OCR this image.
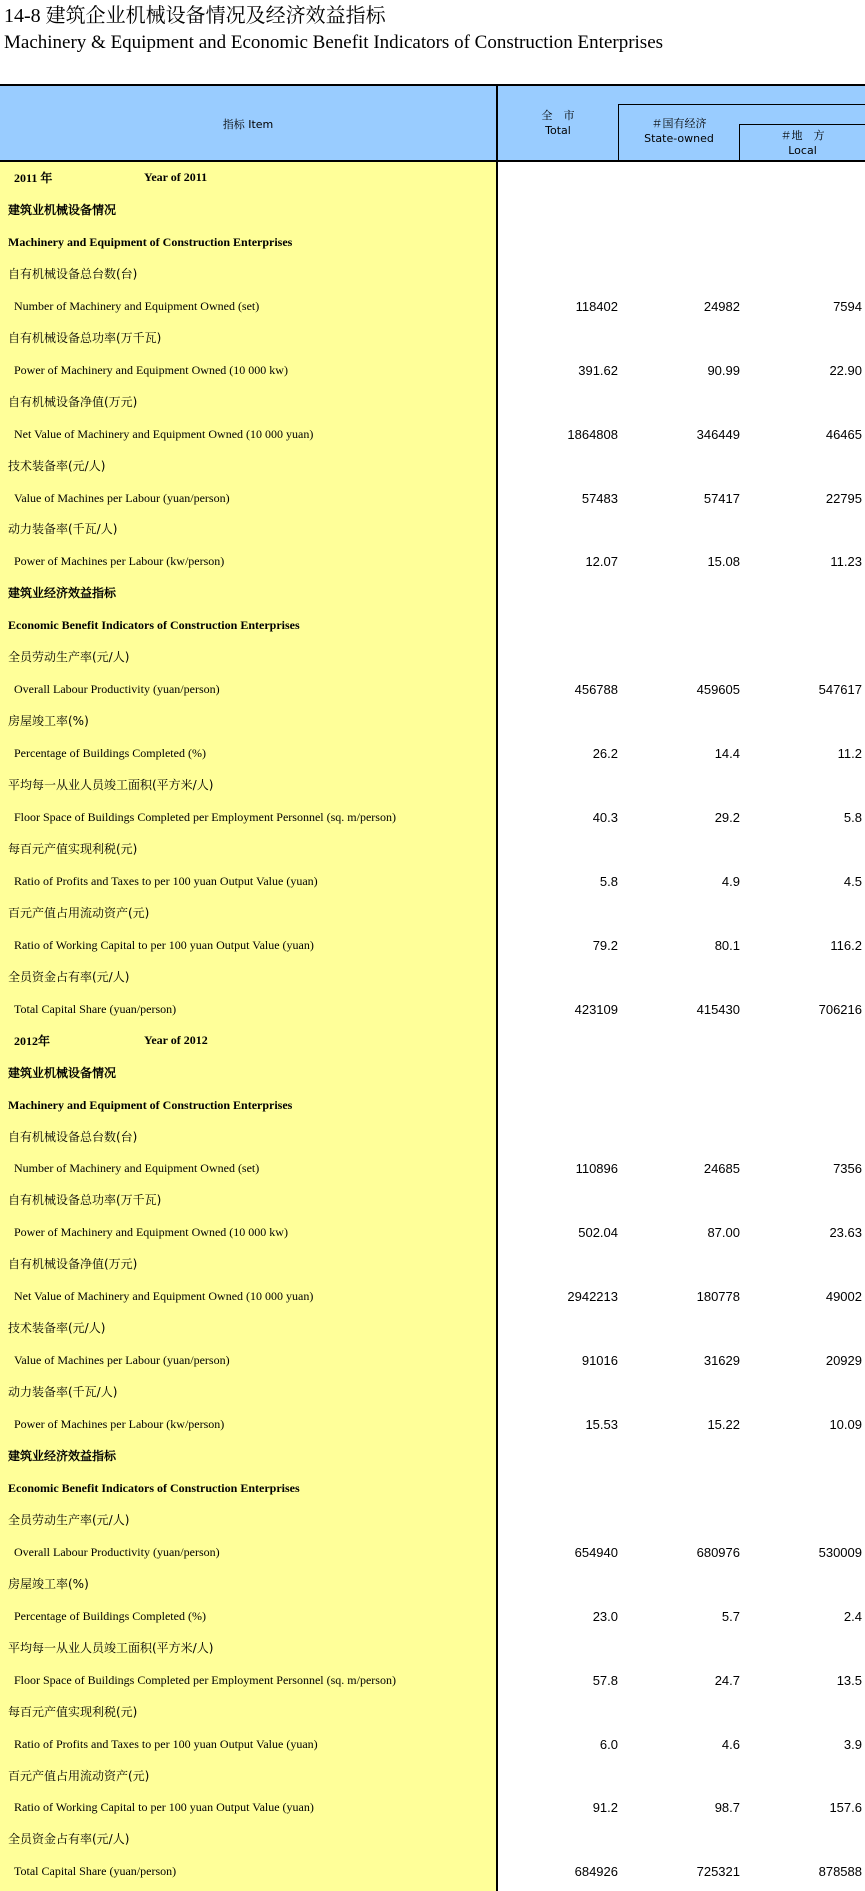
14-8 建筑企业机械设备情况及经济效益指标
Machinery & Equipment and Economic Benefit Indicators of Construction Enterprises
指标 Item
全　市
Total
＃国有经济
State-owned	＃地　方
Local
2011 年	Year of 2011
建筑业机械设备情况
Machinery and Equipment of Construction Enterprises
自有机械设备总台数(台)
Number of Machinery and Equipment Owned (set)	118402	24982	7594
自有机械设备总功率(万千瓦)
Power of Machinery and Equipment Owned (10 000 kw)	391.62	90.99	22.90
自有机械设备净值(万元)
Net Value of Machinery and Equipment Owned (10 000 yuan)	1864808	346449	46465
技术装备率(元/人)
Value of Machines per Labour (yuan/person)	57483	57417	22795
动力装备率(千瓦/人)
Power of Machines per Labour (kw/person)	12.07	15.08	11.23
建筑业经济效益指标
Economic Benefit Indicators of Construction Enterprises
全员劳动生产率(元/人)
Overall Labour Productivity (yuan/person)	456788	459605	547617
房屋竣工率(%)
Percentage of Buildings Completed (%)	26.2	14.4	11.2
平均每一从业人员竣工面积(平方米/人)
Floor Space of Buildings Completed per Employment Personnel (sq. m/person)	40.3	29.2	5.8
每百元产值实现利税(元)
Ratio of Profits and Taxes to per 100 yuan Output Value (yuan)	5.8	4.9	4.5
百元产值占用流动资产(元)
Ratio of Working Capital to per 100 yuan Output Value (yuan)	79.2	80.1	116.2
全员资金占有率(元/人)
Total Capital Share (yuan/person)	423109	415430	706216
2012年	Year of 2012
建筑业机械设备情况
Machinery and Equipment of Construction Enterprises
自有机械设备总台数(台)
Number of Machinery and Equipment Owned (set)	110896	24685	7356
自有机械设备总功率(万千瓦)
Power of Machinery and Equipment Owned (10 000 kw)	502.04	87.00	23.63
自有机械设备净值(万元)
Net Value of Machinery and Equipment Owned (10 000 yuan)	2942213	180778	49002
技术装备率(元/人)
Value of Machines per Labour (yuan/person)	91016	31629	20929
动力装备率(千瓦/人)
Power of Machines per Labour (kw/person)	15.53	15.22	10.09
建筑业经济效益指标
Economic Benefit Indicators of Construction Enterprises
全员劳动生产率(元/人)
Overall Labour Productivity (yuan/person)	654940	680976	530009
房屋竣工率(%)
Percentage of Buildings Completed (%)	23.0	5.7	2.4
平均每一从业人员竣工面积(平方米/人)
Floor Space of Buildings Completed per Employment Personnel (sq. m/person)	57.8	24.7	13.5
每百元产值实现利税(元)
Ratio of Profits and Taxes to per 100 yuan Output Value (yuan)	6.0	4.6	3.9
百元产值占用流动资产(元)
Ratio of Working Capital to per 100 yuan Output Value (yuan)	91.2	98.7	157.6
全员资金占有率(元/人)
Total Capital Share (yuan/person)	684926	725321	878588
